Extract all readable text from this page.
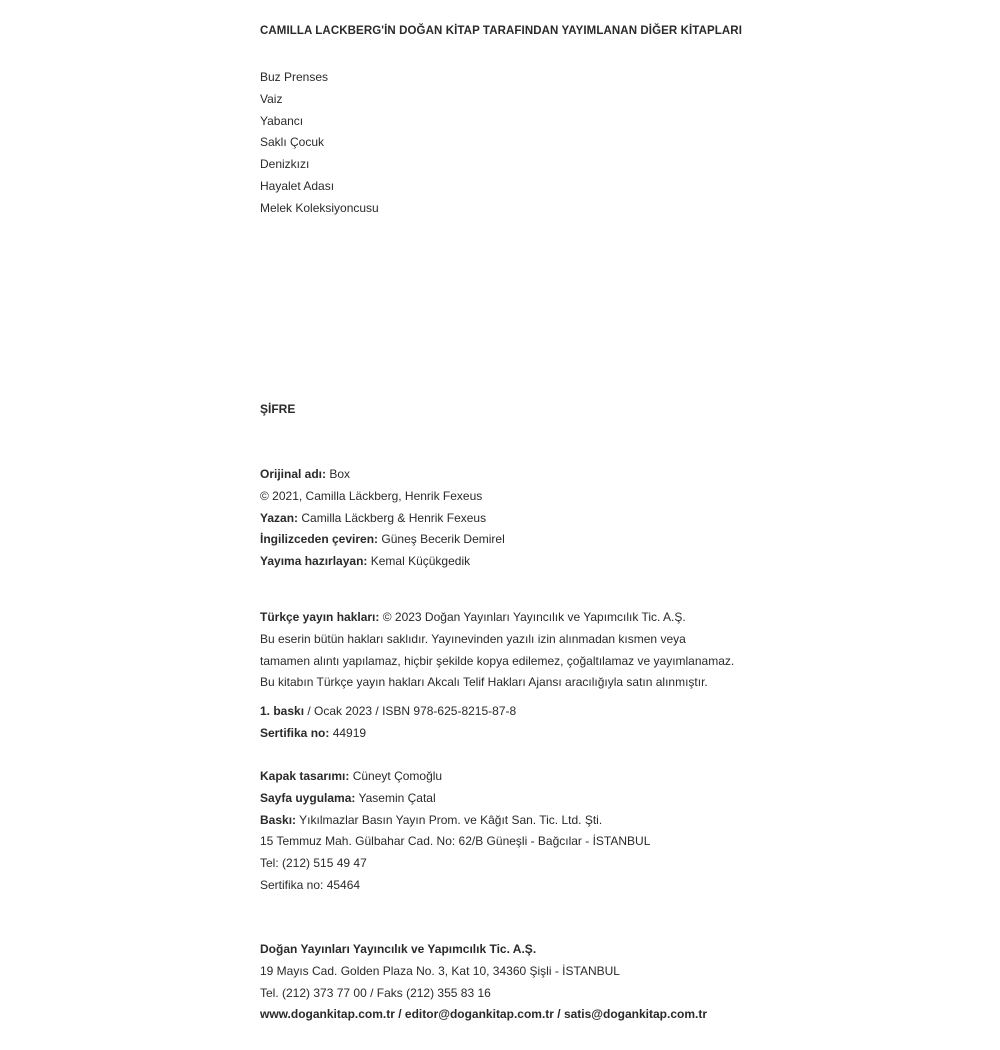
CAMILLA LACKBERG'İN DOĞAN KİTAP TARAFINDAN YAYIMLANAN DİĞER KİTAPLARI
Buz Prenses
Vaiz
Yabancı
Saklı Çocuk
Denizkızı
Hayalet Adası
Melek Koleksiyoncusu
ŞİFRE
Orijinal adı: Box
© 2021, Camilla Läckberg, Henrik Fexeus
Yazan: Camilla Läckberg & Henrik Fexeus
İngilizceden çeviren: Güneş Becerik Demirel
Yayıma hazırlayan: Kemal Küçükgedik
Türkçe yayın hakları: © 2023 Doğan Yayınları Yayıncılık ve Yapımcılık Tic. A.Ş.
Bu eserin bütün hakları saklıdır. Yayınevinden yazılı izin alınmadan kısmen veya
tamamen alıntı yapılamaz, hiçbir şekilde kopya edilemez, çoğaltılamaz ve yayımlanamaz.
Bu kitabın Türkçe yayın hakları Akcalı Telif Hakları Ajansı aracılığıyla satın alınmıştır.
1. baskı / Ocak 2023 / ISBN 978-625-8215-87-8
Sertifika no: 44919
Kapak tasarımı: Cüneyt Çomoğlu
Sayfa uygulama: Yasemin Çatal
Baskı: Yıkılmazlar Basın Yayın Prom. ve Kâğıt San. Tic. Ltd. Şti.
15 Temmuz Mah. Gülbahar Cad. No: 62/B Güneşli - Bağcılar - İSTANBUL
Tel: (212) 515 49 47
Sertifika no: 45464
Doğan Yayınları Yayıncılık ve Yapımcılık Tic. A.Ş.
19 Mayıs Cad. Golden Plaza No. 3, Kat 10, 34360 Şişli - İSTANBUL
Tel. (212) 373 77 00 / Faks (212) 355 83 16
www.dogankitap.com.tr / editor@dogankitap.com.tr / satis@dogankitap.com.tr
